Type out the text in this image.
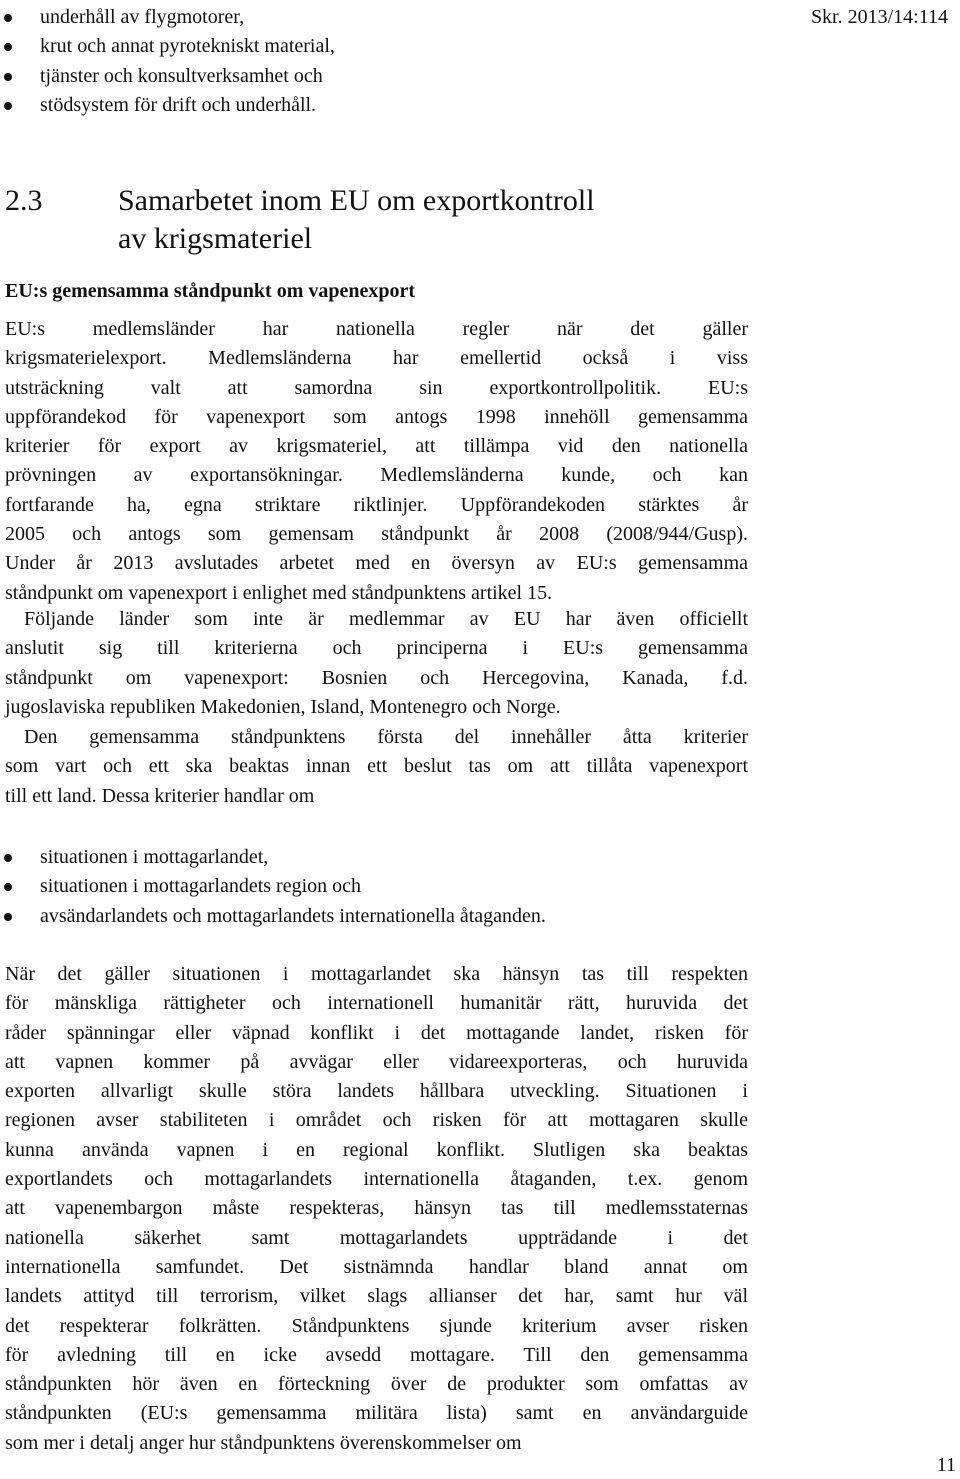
Skr. 2013/14:114
underhåll av flygmotorer,
krut och annat pyrotekniskt material,
tjänster och konsultverksamhet och
stödsystem för drift och underhåll.
2.3	Samarbetet inom EU om exportkontroll
av krigsmateriel
EU:s gemensamma ståndpunkt om vapenexport
EU:s medlemsländer har nationella regler när det gäller
krigsmaterielexport. Medlemsländerna har emellertid också i viss
utsträckning valt att samordna sin exportkontrollpolitik. EU:s
uppförandekod för vapenexport som antogs 1998 innehöll gemensamma
kriterier för export av krigsmateriel, att tillämpa vid den nationella
prövningen av exportansökningar. Medlemsländerna kunde, och kan
fortfarande ha, egna striktare riktlinjer. Uppförandekoden stärktes år
2005 och antogs som gemensam ståndpunkt år 2008 (2008/944/Gusp).
Under år 2013 avslutades arbetet med en översyn av EU:s gemensamma
ståndpunkt om vapenexport i enlighet med ståndpunktens artikel 15.
Följande länder som inte är medlemmar av EU har även officiellt
anslutit sig till kriterierna och principerna i EU:s gemensamma
ståndpunkt om vapenexport: Bosnien och Hercegovina, Kanada, f.d.
jugoslaviska republiken Makedonien, Island, Montenegro och Norge.
Den gemensamma ståndpunktens första del innehåller åtta kriterier
som vart och ett ska beaktas innan ett beslut tas om att tillåta vapenexport
till ett land. Dessa kriterier handlar om
situationen i mottagarlandet,
situationen i mottagarlandets region och
avsändarlandets och mottagarlandets internationella åtaganden.
När det gäller situationen i mottagarlandet ska hänsyn tas till respekten
för mänskliga rättigheter och internationell humanitär rätt, huruvida det
råder spänningar eller väpnad konflikt i det mottagande landet, risken för
att vapnen kommer på avvägar eller vidareexporteras, och huruvida
exporten allvarligt skulle störa landets hållbara utveckling. Situationen i
regionen avser stabiliteten i området och risken för att mottagaren skulle
kunna använda vapnen i en regional konflikt. Slutligen ska beaktas
exportlandets och mottagarlandets internationella åtaganden, t.ex. genom
att vapenembargon måste respekteras, hänsyn tas till medlemsstaternas
nationella säkerhet samt mottagarlandets uppträdande i det
internationella samfundet. Det sistnämnda handlar bland annat om
landets attityd till terrorism, vilket slags allianser det har, samt hur väl
det respekterar folkrätten. Ståndpunktens sjunde kriterium avser risken
för avledning till en icke avsedd mottagare. Till den gemensamma
ståndpunkten hör även en förteckning över de produkter som omfattas av
ståndpunkten (EU:s gemensamma militära lista) samt en användarguide
som mer i detalj anger hur ståndpunktens överenskommelser om
11
